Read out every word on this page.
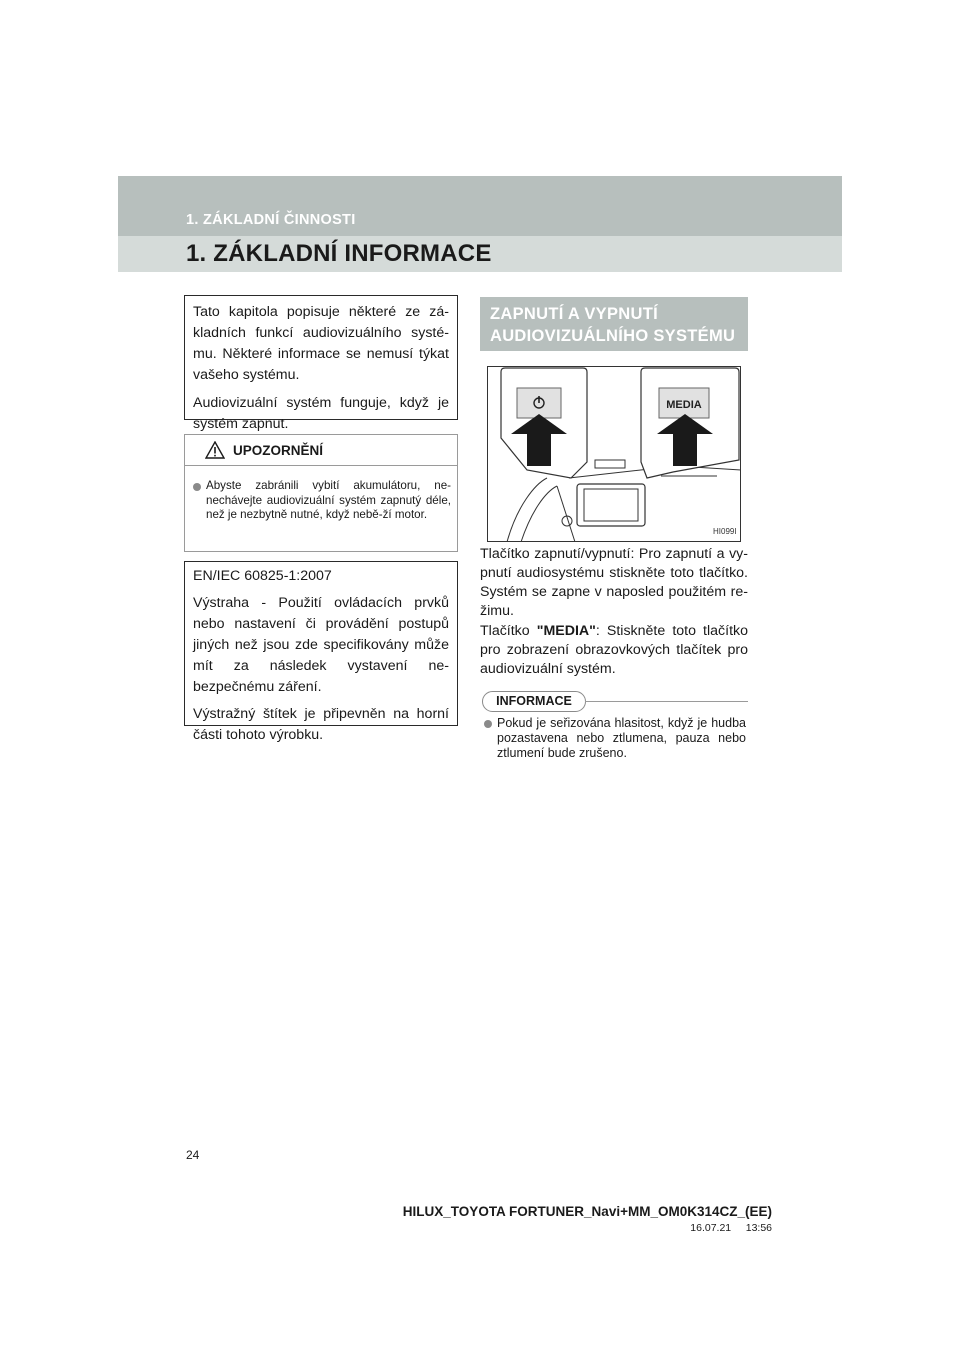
1. ZÁKLADNÍ ČINNOSTI
1. ZÁKLADNÍ INFORMACE

Tato kapitola popisuje některé ze zá-kladních funkcí audiovizuálního systé-mu. Některé informace se nemusí týkat vašeho systému.

Audiovizuální systém funguje, když je systém zapnut.

UPOZORNĚNÍ
Abyste zabránili vybití akumulátoru, ne-nechávejte audiovizuální systém zapnutý déle, než je nezbytně nutné, když nebě-ží motor.

EN/IEC 60825-1:2007

Výstraha - Použití ovládacích prvků nebo nastavení či provádění postupů jiných než jsou zde specifikovány může mít za následek vystavení ne-bezpečnému záření.

Výstražný štítek je připevněn na horní části tohoto výrobku.

ZAPNUTÍ A VYPNUTÍ
AUDIOVIZUÁLNÍHO SYSTÉMU
MEDIA
HI099I

Tlačítko zapnutí/vypnutí: Pro zapnutí a vy-pnutí audiosystému stiskněte toto tlačítko. Systém se zapne v naposled použitém re-žimu.

Tlačítko "MEDIA": Stiskněte toto tlačítko pro zobrazení obrazovkových tlačítek pro audiovizuální systém.

INFORMACE
Pokud je seřizována hlasitost, když je hudba pozastavena nebo ztlumena, pauza nebo ztlumení bude zrušeno.
24
HILUX_TOYOTA FORTUNER_Navi+MM_OM0K314CZ_(EE)
16.07.21     13:56
